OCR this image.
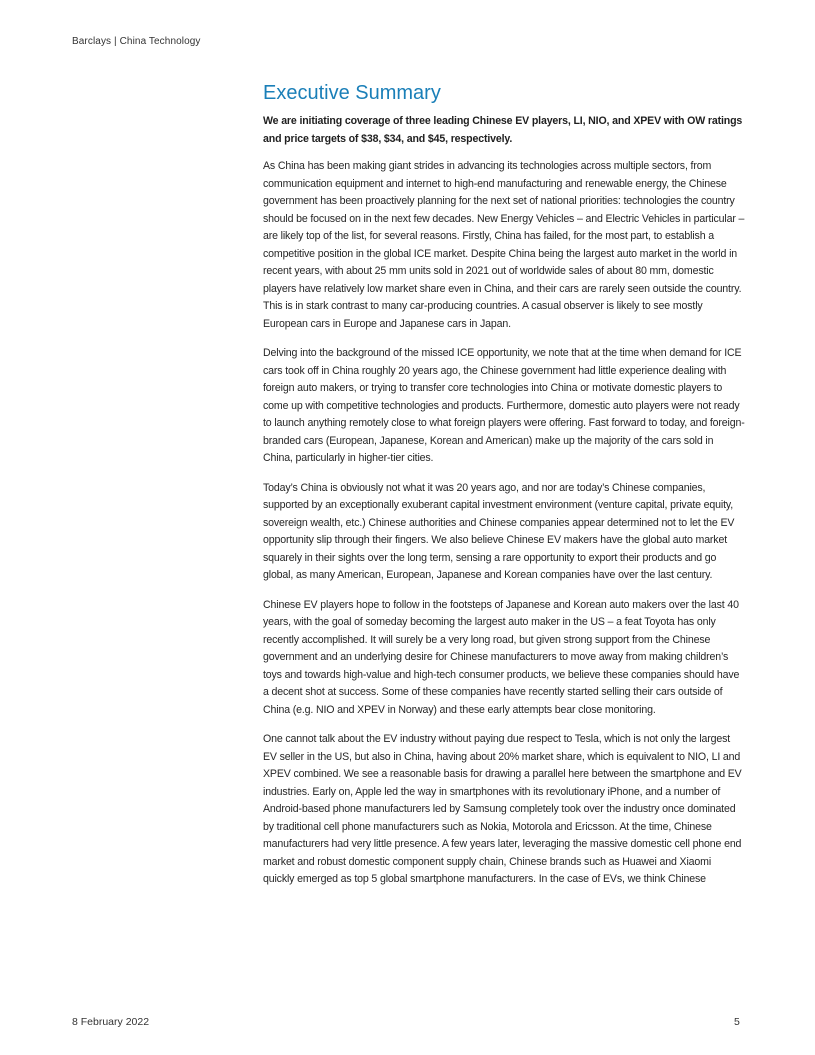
Barclays | China Technology
Executive Summary

We are initiating coverage of three leading Chinese EV players, LI, NIO, and XPEV with OW ratings and price targets of $38, $34, and $45, respectively.

As China has been making giant strides in advancing its technologies across multiple sectors, from communication equipment and internet to high-end manufacturing and renewable energy, the Chinese government has been proactively planning for the next set of national priorities: technologies the country should be focused on in the next few decades. New Energy Vehicles – and Electric Vehicles in particular – are likely top of the list, for several reasons. Firstly, China has failed, for the most part, to establish a competitive position in the global ICE market. Despite China being the largest auto market in the world in recent years, with about 25 mm units sold in 2021 out of worldwide sales of about 80 mm, domestic players have relatively low market share even in China, and their cars are rarely seen outside the country. This is in stark contrast to many car-producing countries. A casual observer is likely to see mostly European cars in Europe and Japanese cars in Japan.

Delving into the background of the missed ICE opportunity, we note that at the time when demand for ICE cars took off in China roughly 20 years ago, the Chinese government had little experience dealing with foreign auto makers, or trying to transfer core technologies into China or motivate domestic players to come up with competitive technologies and products. Furthermore, domestic auto players were not ready to launch anything remotely close to what foreign players were offering. Fast forward to today, and foreign-branded cars (European, Japanese, Korean and American) make up the majority of the cars sold in China, particularly in higher-tier cities.

Today’s China is obviously not what it was 20 years ago, and nor are today’s Chinese companies, supported by an exceptionally exuberant capital investment environment (venture capital, private equity, sovereign wealth, etc.) Chinese authorities and Chinese companies appear determined not to let the EV opportunity slip through their fingers. We also believe Chinese EV makers have the global auto market squarely in their sights over the long term, sensing a rare opportunity to export their products and go global, as many American, European, Japanese and Korean companies have over the last century.

Chinese EV players hope to follow in the footsteps of Japanese and Korean auto makers over the last 40 years, with the goal of someday becoming the largest auto maker in the US – a feat Toyota has only recently accomplished. It will surely be a very long road, but given strong support from the Chinese government and an underlying desire for Chinese manufacturers to move away from making children’s toys and towards high-value and high-tech consumer products, we believe these companies should have a decent shot at success. Some of these companies have recently started selling their cars outside of China (e.g. NIO and XPEV in Norway) and these early attempts bear close monitoring.

One cannot talk about the EV industry without paying due respect to Tesla, which is not only the largest EV seller in the US, but also in China, having about 20% market share, which is equivalent to NIO, LI and XPEV combined. We see a reasonable basis for drawing a parallel here between the smartphone and EV industries. Early on, Apple led the way in smartphones with its revolutionary iPhone, and a number of Android-based phone manufacturers led by Samsung completely took over the industry once dominated by traditional cell phone manufacturers such as Nokia, Motorola and Ericsson. At the time, Chinese manufacturers had very little presence. A few years later, leveraging the massive domestic cell phone end market and robust domestic component supply chain, Chinese brands such as Huawei and Xiaomi quickly emerged as top 5 global smartphone manufacturers. In the case of EVs, we think Chinese

8 February 2022	5
